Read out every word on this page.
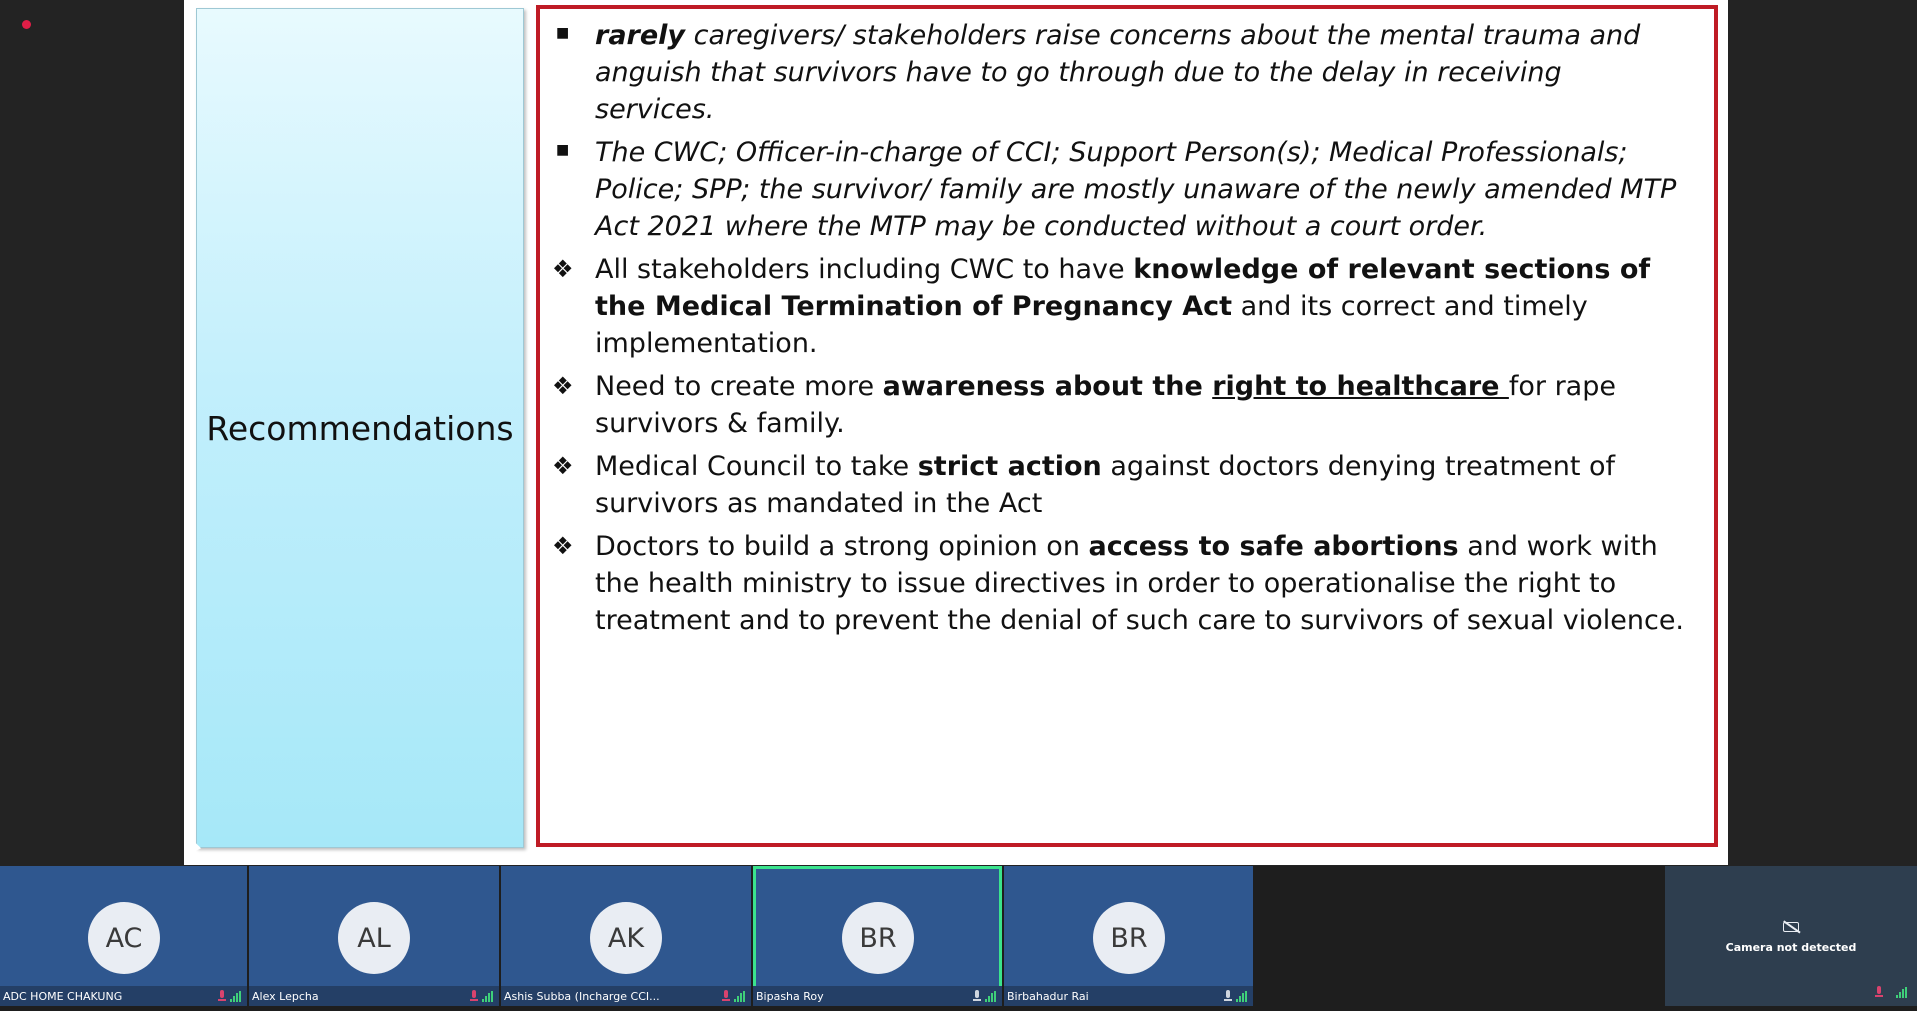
Recommendations
■ rarely caregivers/ stakeholders raise concerns about the mental trauma and anguish that survivors have to go through due to the delay in receiving services.
■ The CWC; Officer-in-charge of CCI; Support Person(s); Medical Professionals; Police; SPP; the survivor/ family are mostly unaware of the newly amended MTP Act 2021 where the MTP may be conducted without a court order.
❖ All stakeholders including CWC to have knowledge of relevant sections of the Medical Termination of Pregnancy Act and its correct and timely implementation.
❖ Need to create more awareness about the right to healthcare for rape survivors & family.
❖ Medical Council to take strict action against doctors denying treatment of survivors as mandated in the Act
❖ Doctors to build a strong opinion on access to safe abortions and work with the health ministry to issue directives in order to operationalise the right to treatment and to prevent the denial of such care to survivors of sexual violence.
AC
ADC HOME CHAKUNG
AL
Alex Lepcha
AK
Ashis Subba (Incharge CCI...
BR
Bipasha Roy
BR
Birbahadur Rai
Camera not detected
